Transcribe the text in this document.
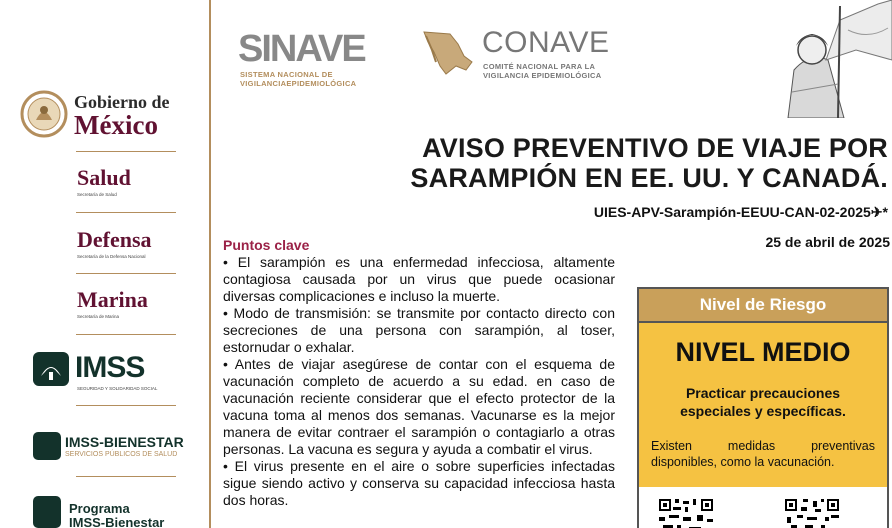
Gobierno de
México
Salud
Secretaría de Salud
Defensa
Secretaría de la Defensa Nacional
Marina
Secretaría de Marina
IMSS
SEGURIDAD Y SOLIDARIDAD SOCIAL
IMSS-BIENESTAR
SERVICIOS PÚBLICOS DE SALUD
Programa
IMSS-Bienestar
SINAVE
SISTEMA NACIONAL DE
VIGILANCIAEPIDEMIOLÓGICA
CONAVE
COMITÉ NACIONAL PARA LA
VIGILANCIA EPIDEMIOLÓGICA
AVISO PREVENTIVO DE VIAJE POR
SARAMPIÓN EN EE. UU. Y CANADÁ.
UIES-APV-Sarampión-EEUU-CAN-02-2025✈*
25 de abril de 2025
Puntos clave
• El sarampión es una enfermedad infecciosa, altamente contagiosa causada por un virus que puede ocasionar diversas complicaciones e incluso la muerte.
• Modo de transmisión: se transmite por contacto directo con secreciones de una persona con sarampión, al toser, estornudar o exhalar.
• Antes de viajar asegúrese de contar con el esquema de vacunación completo de acuerdo a su edad. en caso de vacunación reciente considerar que el efecto protector de la vacuna toma al menos dos semanas. Vacunarse es la mejor manera de evitar contraer el sarampión o contagiarlo a otras personas. La vacuna es segura y ayuda a combatir el virus.
• El virus presente en el aire o sobre superficies infectadas sigue siendo activo y conserva su capacidad infecciosa hasta dos horas.
Nivel de Riesgo
NIVEL MEDIO
Practicar precauciones
especiales y específicas.
Existen medidas preventivas disponibles, como la vacunación.
